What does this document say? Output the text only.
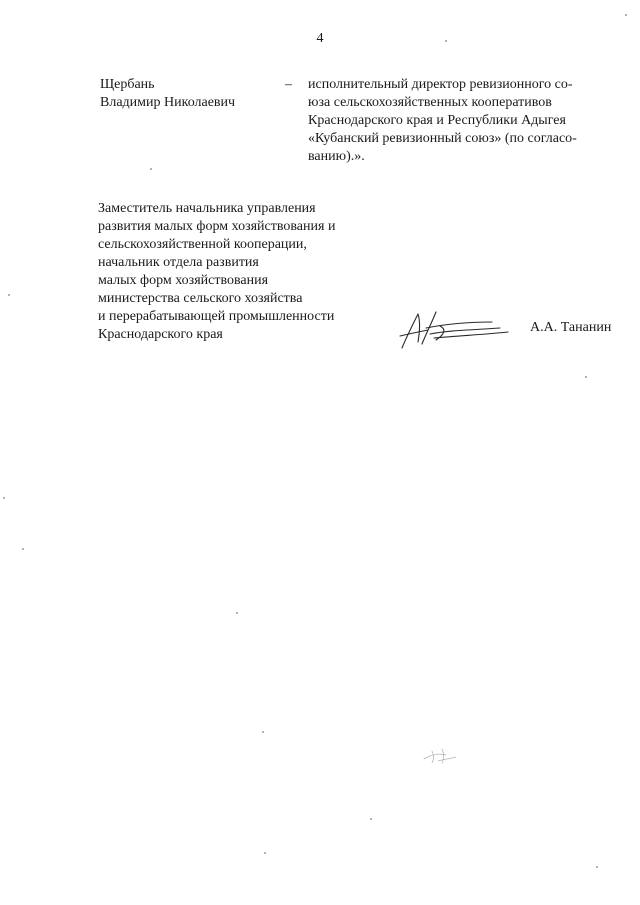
4
Щербань
Владимир Николаевич
– исполнительный директор ревизионного со-
юза сельскохозяйственных кооперативов
Краснодарского края и Республики Адыгея
«Кубанский ревизионный союз» (по согласо-
ванию).».
Заместитель начальника управления
развития малых форм хозяйствования и
сельскохозяйственной кооперации,
начальник отдела развития
малых форм хозяйствования
министерства сельского хозяйства
и перерабатывающей промышленности
Краснодарского края	А.А. Тананин
